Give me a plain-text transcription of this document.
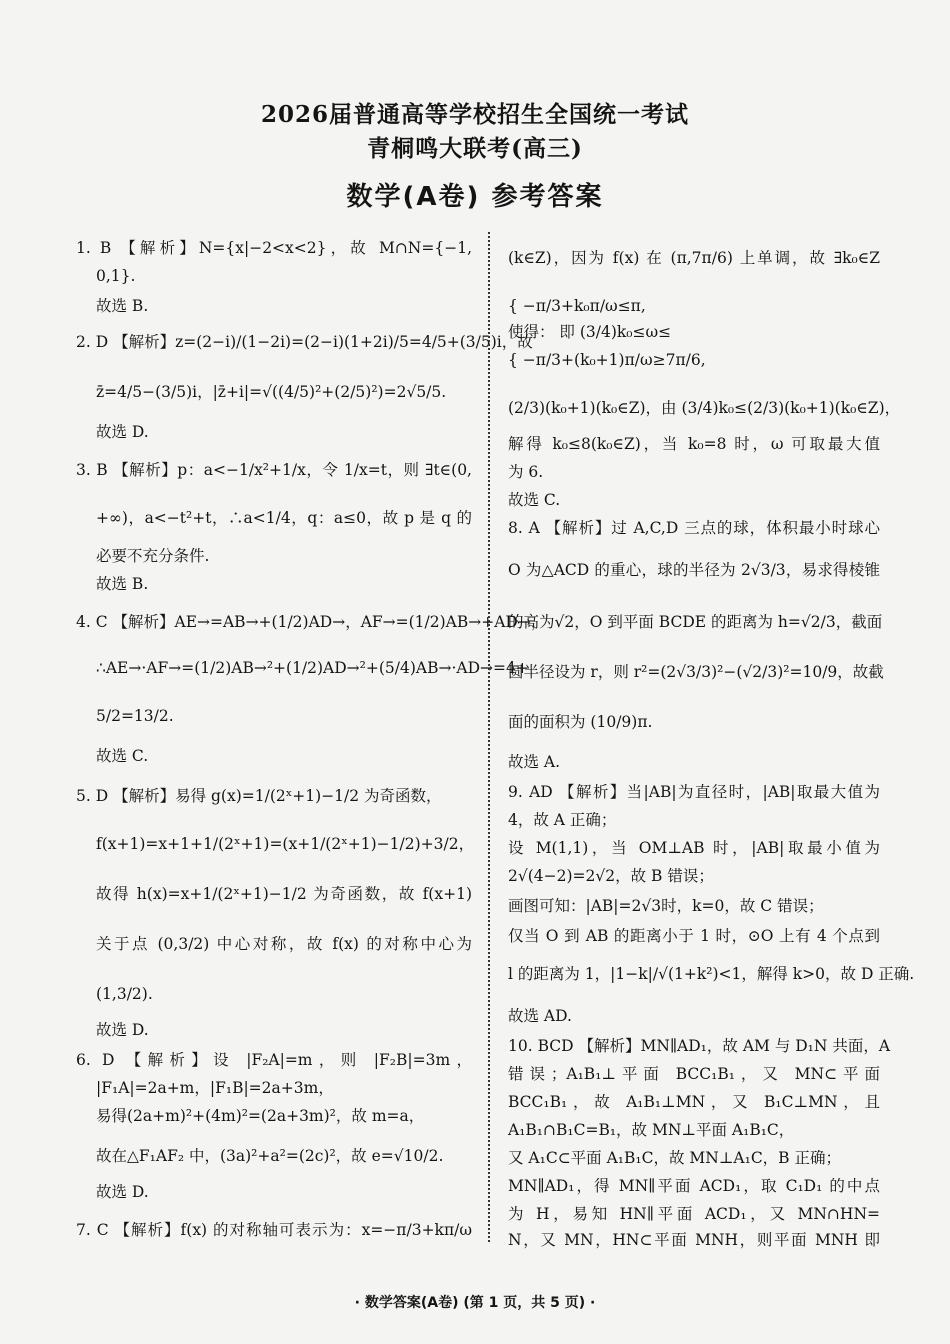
2026届普通高等学校招生全国统一考试
青桐鸣大联考(高三)
数学(A卷) 参考答案
1. B 【解析】N={x|−2<x<2}，故 M∩N={−1,
0,1}.
故选 B.
2. D 【解析】z=(2−i)/(1−2i)=(2−i)(1+2i)/5=4/5+(3/5)i，故
z̄=4/5−(3/5)i，|z̄+i|=√((4/5)²+(2/5)²)=2√5/5.
故选 D.
3. B 【解析】p：a<−1/x²+1/x，令 1/x=t，则 ∃t∈(0,
+∞)，a<−t²+t，∴a<1/4，q：a≤0，故 p 是 q 的
必要不充分条件.
故选 B.
4. C 【解析】AE→=AB→+(1/2)AD→，AF→=(1/2)AB→+AD→，
∴AE→·AF→=(1/2)AB→²+(1/2)AD→²+(5/4)AB→·AD→=4+
5/2=13/2.
故选 C.
5. D 【解析】易得 g(x)=1/(2ˣ+1)−1/2 为奇函数，
f(x+1)=x+1+1/(2ˣ+1)=(x+1/(2ˣ+1)−1/2)+3/2，
故得 h(x)=x+1/(2ˣ+1)−1/2 为奇函数，故 f(x+1)
关于点 (0,3/2) 中心对称，故 f(x) 的对称中心为
(1,3/2).
故选 D.
6. D 【解析】设 |F₂A|=m，则 |F₂B|=3m，
|F₁A|=2a+m，|F₁B|=2a+3m，
易得(2a+m)²+(4m)²=(2a+3m)²，故 m=a，
故在△F₁AF₂ 中，(3a)²+a²=(2c)²，故 e=√10/2.
故选 D.
7. C 【解析】f(x) 的对称轴可表示为：x=−π/3+kπ/ω
(k∈Z)，因为 f(x) 在 (π,7π/6) 上单调，故 ∃k₀∈Z
{ −π/3+k₀π/ω≤π,
使得： 即 (3/4)k₀≤ω≤
{ −π/3+(k₀+1)π/ω≥7π/6,
(2/3)(k₀+1)(k₀∈Z)，由 (3/4)k₀≤(2/3)(k₀+1)(k₀∈Z)，
解得 k₀≤8(k₀∈Z)，当 k₀=8 时，ω 可取最大值
为 6.
故选 C.
8. A 【解析】过 A,C,D 三点的球，体积最小时球心
O 为△ACD 的重心，球的半径为 2√3/3，易求得棱锥
的高为√2，O 到平面 BCDE 的距离为 h=√2/3，截面
圆半径设为 r，则 r²=(2√3/3)²−(√2/3)²=10/9，故截
面的面积为 (10/9)π.
故选 A.
9. AD 【解析】当|AB|为直径时，|AB|取最大值为
4，故 A 正确；
设 M(1,1)，当 OM⊥AB 时，|AB|取最小值为
2√(4−2)=2√2，故 B 错误；
画图可知：|AB|=2√3时，k=0，故 C 错误；
仅当 O 到 AB 的距离小于 1 时，⊙O 上有 4 个点到
l 的距离为 1，|1−k|/√(1+k²)<1，解得 k>0，故 D 正确.
故选 AD.
10. BCD 【解析】MN∥AD₁，故 AM 与 D₁N 共面，A
错误；A₁B₁⊥平面 BCC₁B₁，又 MN⊂平面
BCC₁B₁，故 A₁B₁⊥MN，又 B₁C⊥MN，且
A₁B₁∩B₁C=B₁，故 MN⊥平面 A₁B₁C，
又 A₁C⊂平面 A₁B₁C，故 MN⊥A₁C，B 正确；
MN∥AD₁，得 MN∥平面 ACD₁，取 C₁D₁ 的中点
为 H，易知 HN∥平面 ACD₁，又 MN∩HN=
N，又 MN，HN⊂平面 MNH，则平面 MNH 即
· 数学答案(A卷) (第 1 页，共 5 页) ·
